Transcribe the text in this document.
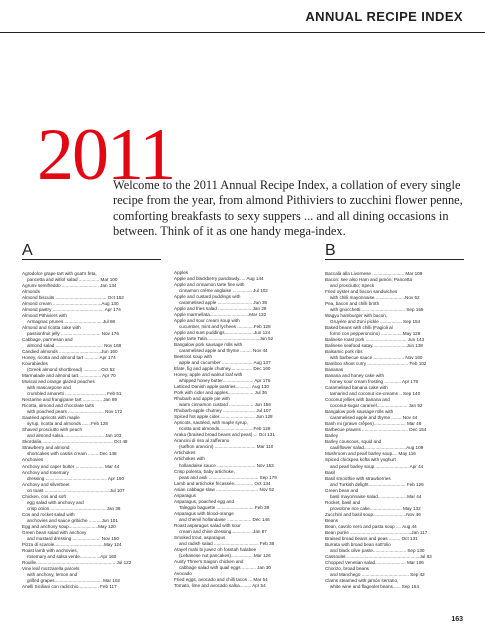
ANNUAL RECIPE INDEX
2011
Welcome to the 2011 Annual Recipe Index, a collation of every single recipe from the year, from almond Pithiviers to zucchini flower penne, comforting breakfasts to sexy suppers ... and all dining occasions in between. Think of it as one handy mega-index.
A
Agrodolce grape tart with goat's feta,
pancetta and witlof salad ................ Mar 100
Agrumi semifreddo ............................. Jan 134
Almonds
Almond biscuits ........................................ Oct 152
Almond cream ......................................Aug 130
Almond pastry ........................................ Apr 174
Almond Pithiviers with
Armagnac prunes ..............................Jul 98
Almond and ricotta cake with
passionfruit jelly ............................... Nov 176
Cabbage, parmesan and
almond salad ..................................... Nov 168
Candied almonds .................................Jun 160
Honey, ricotta and almond tart ........... Apr 174
Kourabiedes
(Greek almond shortbread) ..............Oct 52
Marmalade and almond tart.................. Apr 70
Muscat and orange glazed peaches
with mascarpone and
crumbled amaretti ................................ Feb 51
Nectarine and frangipane tart ............... Jan 89
Ricotta, almond and chocolate tarts
with poached pears ............................ Nov 172
Sautéed apricots with maple
syrup, ricotta and almonds .......Feb 128
Shaved prosciutto with peach
and almond salsa................................ Jan 103
Skordalia........................................................ Oct 48
Strawberry and almond
shortcakes with cassis cream ........ Dec 148
Anchovies
Anchovy and caper butter ...................... Mar 44
Anchovy and rosemary
dressing ................................................ Apr 150
Anchovy and silverbeet
on toast ...................................................Jul 107
Chicken, cos and soft
egg salad with anchovy and
crisp onion............................................ Jan 38
Cos and rocket salad with
anchovies and sauce gribiche ..........Jun 101
Egg and anchovy soup.......................May 120
Green bean salad with anchovy
and mustard dressing ...................... Nov 150
Pizza di scarole.......................................May 124
Roast lamb with anchovies,
rosemary and salsa verde................Apr 160
Rouille.............................................................. Jul 122
Vine leaf mozzarella parcels
with anchovy, lemon and
grilled grapes..................................... Mar 102
Anelli Siciliani con radicchio................ Feb 117
Apples
Apple and blackberry pandowdy..... Aug 144
Apple and cinnamon tarte fine with
cinnamon crème anglaise ............... Jul 102
Apple and custard puddings with
caramelised apple ........................... Jun 36
Apple and fries salad .......................... Jan 28
Apple marmellata...............................Mar 132
Apple and sour cream soup with
cucumber, mint and lychees .............Feb 128
Apple and suet puddings.......................Jun 124
Apple tarte Tatin.........................................Jun 52
Bangalow pork sausage rolls with
caramelised apple and thyme ......... Nov 44
Beetroot soup with
apple and cucumber ........................ Aug 137
Elate, fig and apple chutney................. Dec 160
Honey, apple and walnut loaf with
whipped honey butter........................ Apr 176
Latticed Danish apple pastries............ Aug 130
Pork with cider and apples.................... Jul 36
Rhubarb and apple pie with
warm cinnamon custard ................... Jun 156
Rhubarb-apple chutney ......................... Jul 107
Spiced hot apple cider............................ Jun 128
Apricots, sautéed, with maple syrup,
ricotta and almonds...........................Feb 128
Araka (braised broad beans and peas) ... Oct 131
Arancini di riso al zafferano
(saffron arancini) ................................ Mar 110
Artichokes
Artichokes with
hollandaise sauce .............................. Nov 153
Crisp polenta, baby artichoke,
peas and aioli ....................................... Sep 179
Lamb and artichoke fricassée............... Oct 134
Asian cabbage slaw ................................. Nov 52
Asparagus
Asparagus, poached egg and
Taleggio baguette ..............................Feb 38
Asparagus with blood-orange
and chervil hollandaise ................... Dec 146
Roast asparagus salad with sour
cream and chive dressing.................Jan 87
Smoked trout, asparagus
and radish salad ................................... Feb 38
Atayef mahi bi juwez oh fosstah halabee
(Lebanese nut pancakes)..................Mar 126
Aunty Three's Saigon chicken and
cabbage salad with quail eggs ........... Jan 30
Avocado
Fried eggs, avocado and chilli tacos ... Mar 54
Tomato, lime and avocado salsa......... Apr 54
B
Baccalà alla Livornese ......................... Mar 109
Bacon: see also Ham and jamón; Pancetta
and prosciutto; Speck
Fried oyster and bacon sandwiches
with chilli mayonnaise........................Nov 52
Pea, bacon and chilli broth
with gnocchetti................................... Sep 155
Wagyu hamburger with bacon,
Gruyère and Zuni pickle ................. Sep 154
Baked beans with chilli (Fagioli al
forno con pepperoncino) .................May 128
Balinese roast pork ................................ Jun 143
Balinese seafood satay...........................Jun 138
Balsamic pork ribs
with barbecue sauce ........................ Nov 160
Bamboo shoot curry ................................ Feb 102
Bananas
Banana and honey cake with
honey sour cream frosting ............. Apr 178
Caramelised banana cake with
tamarind and coconut ice-creams .. Sep 140
Coconut jellies with banana and
coconut-sugar caramel........................ Jan 92
Bangalow pork sausage rolls with
caramelised apple and thyme ........ Nov 44
Banh mi (prawn crêpes)......................... Mar 46
Barbecue prawns .................................... Dec 154
Barley
Barley couscous, squid and
cauliflower salad.................................Aug 109
Mushroom and pearl barley soup.... May 116
Spiced chickpea kofta with yoghurt
and pearl barley soup........................... Apr 44
Basil
Basil smoothie with strawberries
and Turkish delight............................. Feb 126
Green bean and
basil mayonnaise salad.......................Mar 44
Rocket, basil and
provolone rice cake......................... May 132
Zucchini and basil soup..........................Nov 46
Beans
Bean, cavolo nero and pasta soup .... Aug 44
Bean purée ................................................Jan 117
Braised broad beans and peas ......... Oct 131
Burrata with broad bean sott'olio
and black olive paste.......................... Sep 130
Cassoulet .........................................................Jul 83
Chopped Venetian salad........................ Mar 106
Chorizo, broad beans
and Manchego ..................................... Sep 42
Clams steamed with jamón serrano,
white wine and flageolet beans...... Sep 154
163
